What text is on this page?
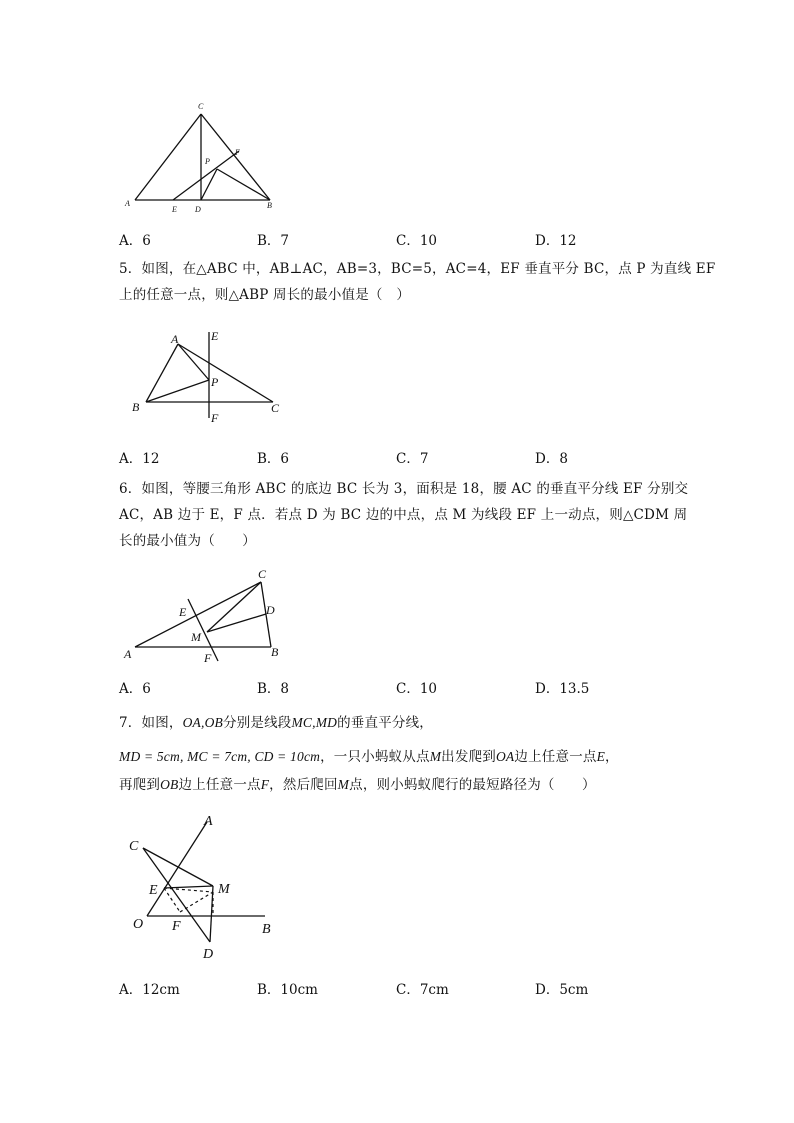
C
P
F
A
E D	B
A．6	B．7	C．10	D．12

5．如图，在△ABC 中，AB⊥AC，AB=3，BC=5，AC=4，EF 垂直平分 BC，点 P 为直线 EF

上的任意一点，则△ABP 周长的最小值是（　）

A	E
P
B
F
C
A．12	B．6	C．7	D．8

6．如图，等腰三角形 ABC 的底边 BC 长为 3，面积是 18，腰 AC 的垂直平分线 EF 分别交

AC，AB 边于 E，F 点．若点 D 为 BC 边的中点，点 M 为线段 EF 上一动点，则△CDM 周

长的最小值为（　　）

C
E	D
M
A	F	B
A．6	B．8	C．10	D．13.5

7．如图，OA,OB分别是线段MC,MD的垂直平分线，

MD = 5cm, MC = 7cm, CD = 10cm，一只小蚂蚁从点M出发爬到OA边上任意一点E，

再爬到OB边上任意一点F，然后爬回M点，则小蚂蚁爬行的最短路径为（　　）

A
C
E	M
O F	B
D
A．12cm	B．10cm	C．7cm	D．5cm
